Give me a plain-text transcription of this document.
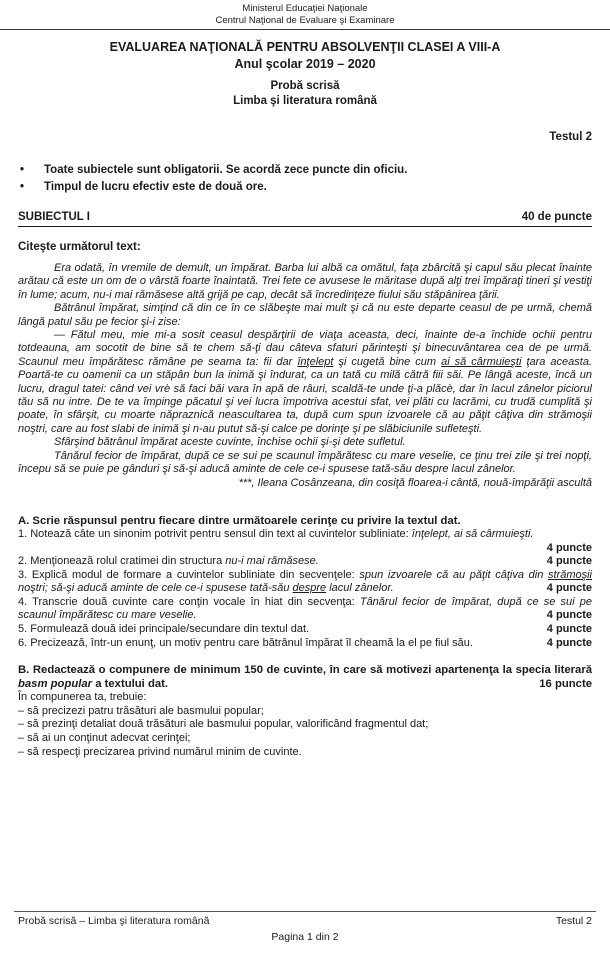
Ministerul Educaţiei Naţionale
Centrul Naţional de Evaluare şi Examinare
EVALUAREA NAŢIONALĂ PENTRU ABSOLVENŢII CLASEI A VIII-A
Anul şcolar 2019 – 2020
Probă scrisă
Limba şi literatura română
Testul 2
•	Toate subiectele sunt obligatorii. Se acordă zece puncte din oficiu.
•	Timpul de lucru efectiv este de două ore.
SUBIECTUL I	40 de puncte
Citeşte următorul text:

Era odată, în vremile de demult, un împărat. Barba lui albă ca omătul, faţa zbârcită şi capul său plecat înainte arătau că este un om de o vârstă foarte înaintată. Trei fete ce avusese le măritase după alţi trei împăraţi tineri şi vestiţi în lume; acum, nu-i mai rămăsese altă grijă pe cap, decât să încredinţeze fiului său stăpânirea ţării.

Bătrânul împărat, simţind că din ce în ce slăbeşte mai mult şi că nu este departe ceasul de pe urmă, chemă lângă patul său pe fecior şi-i zise:

— Fătul meu, mie mi-a sosit ceasul despărţirii de viaţa aceasta, deci, înainte de-a închide ochii pentru totdeauna, am socotit de bine să te chem să-ţi dau câteva sfaturi părinteşti şi binecuvântarea cea de pe urmă. Scaunul meu împărătesc rămâne pe seama ta: fii dar înţelept şi cugetă bine cum ai să cârmuieşti ţara aceasta. Poartă-te cu oamenii ca un stăpân bun la inimă şi îndurat, ca un tată cu milă cătră fiii săi. Pe lângă aceste, încă un lucru, dragul tatei: când vei vrè să faci băi vara în apă de râuri, scaldă-te unde ţi-a plăcè, dar în lacul zânelor piciorul tău să nu intre. De te va împinge păcatul şi vei lucra împotriva acestui sfat, vei plăti cu lacrămi, cu trudă cumplită şi poate, în sfârşit, cu moarte năpraznică neascultarea ta, după cum spun izvoarele că au păţit câţiva din strămoşii noştri, care au fost slabi de inimă şi n-au putut să-şi calce pe dorinţe şi pe slăbiciunile sufleteşti.

Sfârşind bătrânul împărat aceste cuvinte, închise ochii şi-şi dete sufletul.

Tânărul fecior de împărat, după ce se sui pe scaunul împărătesc cu mare veselie, ce ţinu trei zile şi trei nopţi, începu să se puie pe gânduri şi să-şi aducă aminte de cele ce-i spusese tată-său despre lacul zânelor.

***, Ileana Cosânzeana, din cosiţă floarea-i cântă, nouă-împărăţii ascultă

A. Scrie răspunsul pentru fiecare dintre următoarele cerinţe cu privire la textul dat.

1. Notează câte un sinonim potrivit pentru sensul din text al cuvintelor subliniate: înţelept, ai să cârmuieşti.

4 puncte

2. Menţionează rolul cratimei din structura nu-i mai rămăsese.	4 puncte

3. Explică modul de formare a cuvintelor subliniate din secvenţele: spun izvoarele că au păţit câţiva din strămoşii noştri; să-şi aducă aminte de cele ce-i spusese tată-său despre lacul zânelor.	4 puncte

4. Transcrie două cuvinte care conţin vocale în hiat din secvenţa: Tânărul fecior de împărat, după ce se sui pe scaunul împărătesc cu mare veselie.	4 puncte

5. Formulează două idei principale/secundare din textul dat.	4 puncte

6. Precizează, într-un enunţ, un motiv pentru care bătrânul împărat îl cheamă la el pe fiul său.	4 puncte

B. Redactează o compunere de minimum 150 de cuvinte, în care să motivezi apartenenţa la specia literară basm popular a textului dat.	16 puncte

În compunerea ta, trebuie:

– să precizezi patru trăsături ale basmului popular;

– să prezinţi detaliat două trăsături ale basmului popular, valorificând fragmentul dat;

– să ai un conţinut adecvat cerinţei;

– să respecţi precizarea privind numărul minim de cuvinte.

Probă scrisă – Limba şi literatura română	Testul 2
Pagina 1 din 2
